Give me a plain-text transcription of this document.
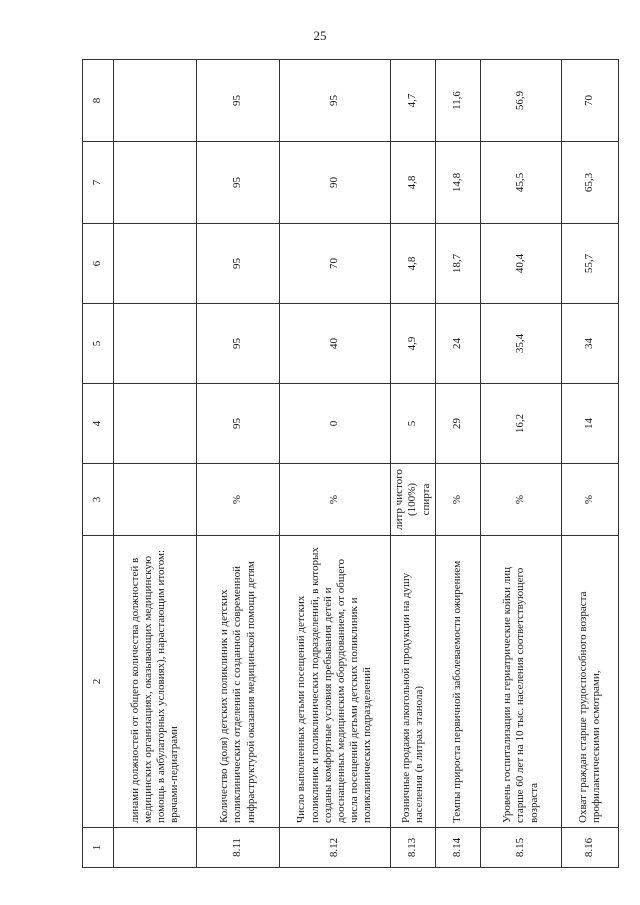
25
1	2	3	4	5	6	7	8
	линами должностей от общего количества должностей в медицинских организациях, оказывающих медицинскую помощь в амбулаторных условиях), нарастающим итогом: врачами-педиатрами						
8.11	Количество (доля) детских поликлиник и детских поликлинических отделений с созданной современной инфраструктурой оказания медицинской помощи детям	%	95	95	95	95	95
8.12	Число выполненных детьми посещений детских поликлиник и поликлинических подразделений, в которых созданы комфортные условия пребывания детей и дооснащенных медицинским оборудованием, от общего числа посещений детьми детских поликлиник и поликлинических подразделений	%	0	40	70	90	95
8.13	Розничные продажи алкогольной продукции на душу населения (в литрах этанола)	литр чистого (100%) спирта	5	4,9	4,8	4,8	4,7
8.14	Темпы прироста первичной заболеваемости ожирением	%	29	24	18,7	14,8	11,6
8.15	Уровень госпитализации на гериатрические койки лиц старше 60 лет на 10 тыс. населения соответствующего возраста	%	16,2	35,4	40,4	45,5	56,9
8.16	Охват граждан старше трудоспособного возраста профилактическими осмотрами,	%	14	34	55,7	65,3	70
